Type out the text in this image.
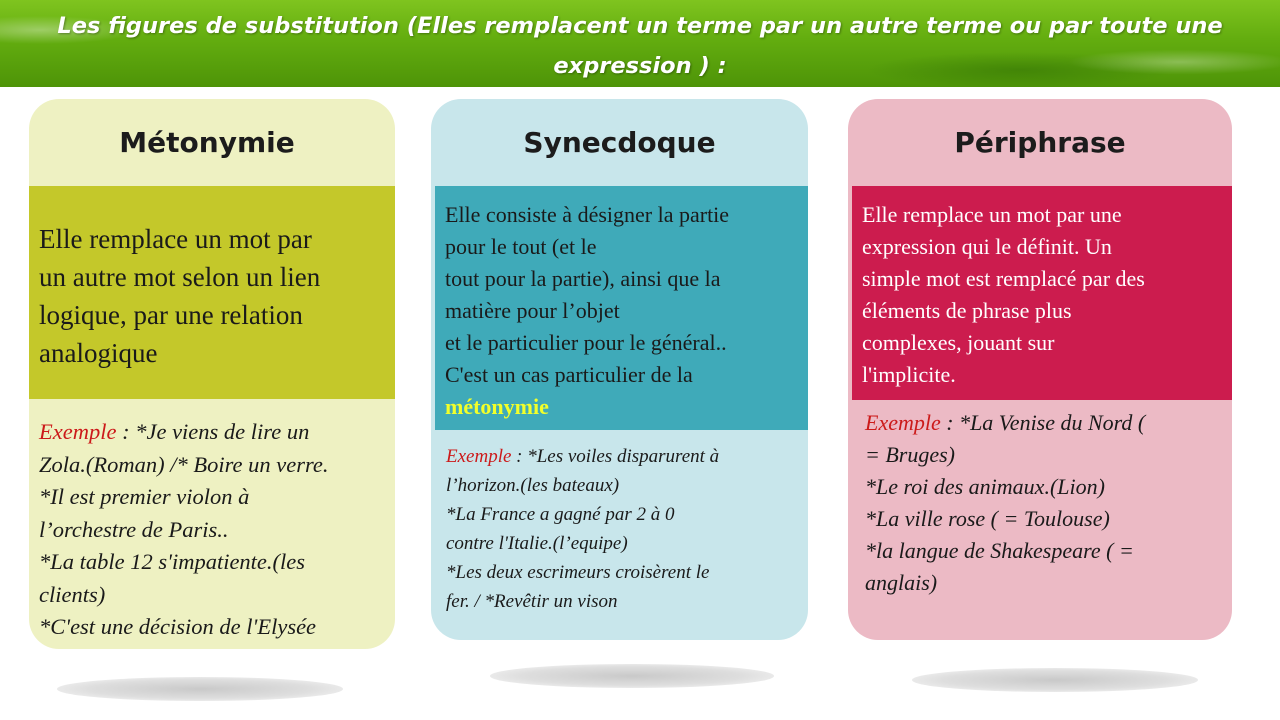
Les figures de substitution (Elles remplacent un terme par un autre terme ou par toute une
expression ) :
Métonymie
Elle remplace un mot par
un autre mot selon un lien
logique, par une relation
analogique
Exemple : *Je viens de lire un
Zola.(Roman) /* Boire un verre.
*Il est premier violon à
l’orchestre de Paris..
*La table 12 s'impatiente.(les
clients)
*C'est une décision de l'Elysée
Synecdoque
Elle consiste à désigner la partie
pour le tout (et le
tout pour la partie), ainsi que la
matière pour l’objet
et le particulier pour le général..
C'est un cas particulier de la
métonymie
Exemple : *Les voiles disparurent à
l’horizon.(les bateaux)
*La France a gagné par 2 à 0
contre l'Italie.(l’equipe)
*Les deux escrimeurs croisèrent le
fer. / *Revêtir un vison
Périphrase
Elle remplace un mot par une
expression qui le définit. Un
simple mot est remplacé par des
éléments de phrase plus
complexes, jouant sur
l'implicite.
Exemple : *La Venise du Nord (
= Bruges)
*Le roi des animaux.(Lion)
*La ville rose ( = Toulouse)
*la langue de Shakespeare ( =
anglais)
